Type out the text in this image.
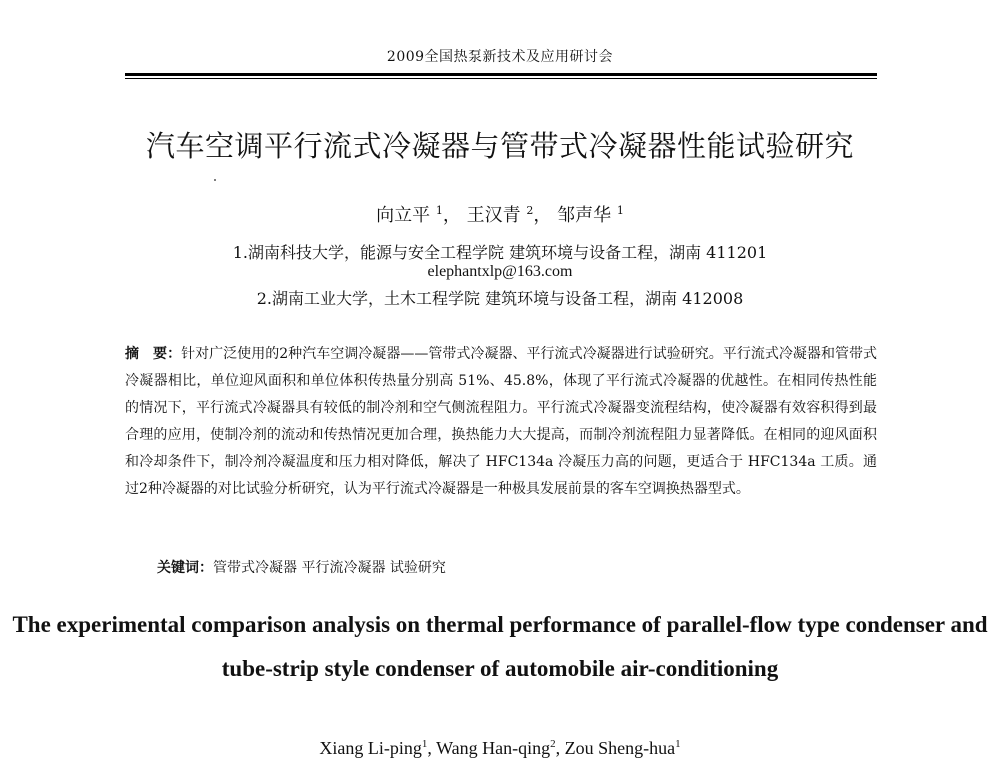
2009全国热泵新技术及应用研讨会
汽车空调平行流式冷凝器与管带式冷凝器性能试验研究
向立平 $^1$， 王汉青 $^2$， 邹声华 $^1$
1.湖南科技大学，能源与安全工程学院 建筑环境与设备工程，湖南 411201
elephantxlp@163.com
2.湖南工业大学，土木工程学院 建筑环境与设备工程，湖南 412008
摘　要：针对广泛使用的2种汽车空调冷凝器——管带式冷凝器、平行流式冷凝器进行试验研究。平行流式冷凝器和管带式冷凝器相比，单位迎风面积和单位体积传热量分别高 51%、45.8%，体现了平行流式冷凝器的优越性。在相同传热性能的情况下，平行流式冷凝器具有较低的制冷剂和空气侧流程阻力。平行流式冷凝器变流程结构，使冷凝器有效容积得到最合理的应用，使制冷剂的流动和传热情况更加合理，换热能力大大提高，而制冷剂流程阻力显著降低。在相同的迎风面积和冷却条件下，制冷剂冷凝温度和压力相对降低，解决了 HFC134a 冷凝压力高的问题，更适合于 HFC134a 工质。通过2种冷凝器的对比试验分析研究，认为平行流式冷凝器是一种极具发展前景的客车空调换热器型式。
关键词：管带式冷凝器 平行流冷凝器 试验研究
The experimental comparison analysis on thermal performance of parallel-flow type condenser and tube-strip style condenser of automobile air-conditioning
Xiang Li-ping$^1$, Wang Han-qing$^2$, Zou Sheng-hua$^1$
